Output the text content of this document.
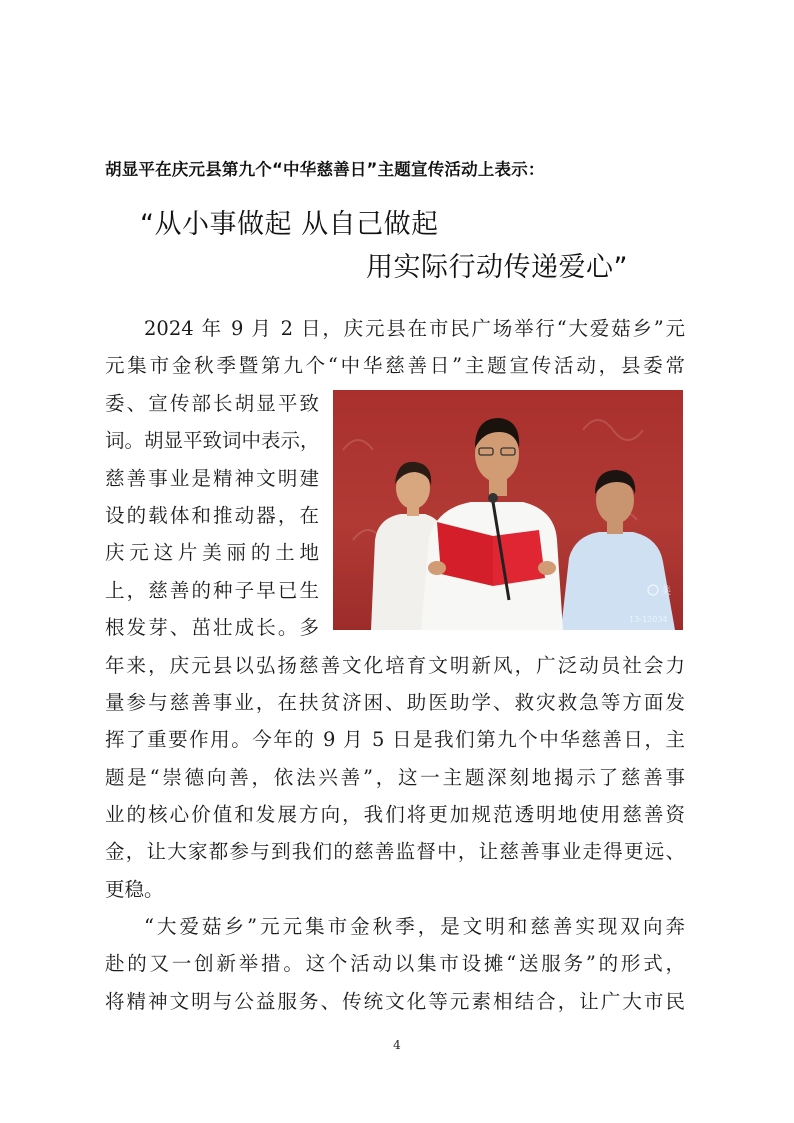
胡显平在庆元县第九个“中华慈善日”主题宣传活动上表示：
“从小事做起 从自己做起
用实际行动传递爱心”
2024 年 9 月 2 日，庆元县在市民广场举行“大爱菇乡”元
元集市金秋季暨第九个“中华慈善日”主题宣传活动，县委常
委、宣传部长胡显平致
词。胡显平致词中表示，
慈善事业是精神文明建
设的载体和推动器，在
庆元这片美丽的土地
上，慈善的种子早已生
根发芽、茁壮成长。多
年来，庆元县以弘扬慈善文化培育文明新风，广泛动员社会力
量参与慈善事业，在扶贫济困、助医助学、救灾救急等方面发
挥了重要作用。今年的 9 月 5 日是我们第九个中华慈善日，主
题是“崇德向善，依法兴善”，这一主题深刻地揭示了慈善事
业的核心价值和发展方向，我们将更加规范透明地使用慈善资
金，让大家都参与到我们的慈善监督中，让慈善事业走得更远、
更稳。
“大爱菇乡”元元集市金秋季，是文明和慈善实现双向奔
赴的又一创新举措。这个活动以集市设摊“送服务”的形式，
将精神文明与公益服务、传统文化等元素相结合，让广大市民
美
13-12034
4
